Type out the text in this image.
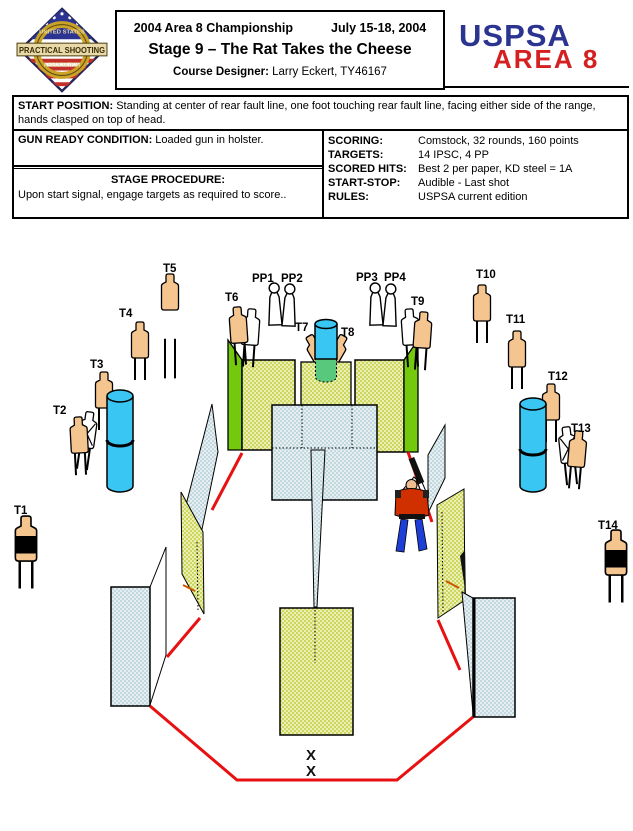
UNITED STATES
PRACTICAL SHOOTING
ASSOCIATION
2004 Area 8 Championship	July 15-18, 2004
Stage 9 – The Rat Takes the Cheese
Course Designer: Larry Eckert, TY46167
USPSA
AREA 8
START POSITION: Standing at center of rear fault line, one foot touching rear fault line, facing either side of the range, hands clasped on top of head.
GUN READY CONDITION: Loaded gun in holster.
STAGE PROCEDURE:
Upon start signal, engage targets as required to score..
SCORING:	Comstock, 32 rounds, 160 points
TARGETS:	14 IPSC, 4 PP
SCORED HITS:	Best 2 per paper, KD steel = 1A
START-STOP:	Audible - Last shot
RULES:	USPSA current edition
T1
T2
T3
T4
T5
T6
T7	T8
T9
T10
T11
T12
T13
T14
PP1 PP2	PP3 PP4
X
X
